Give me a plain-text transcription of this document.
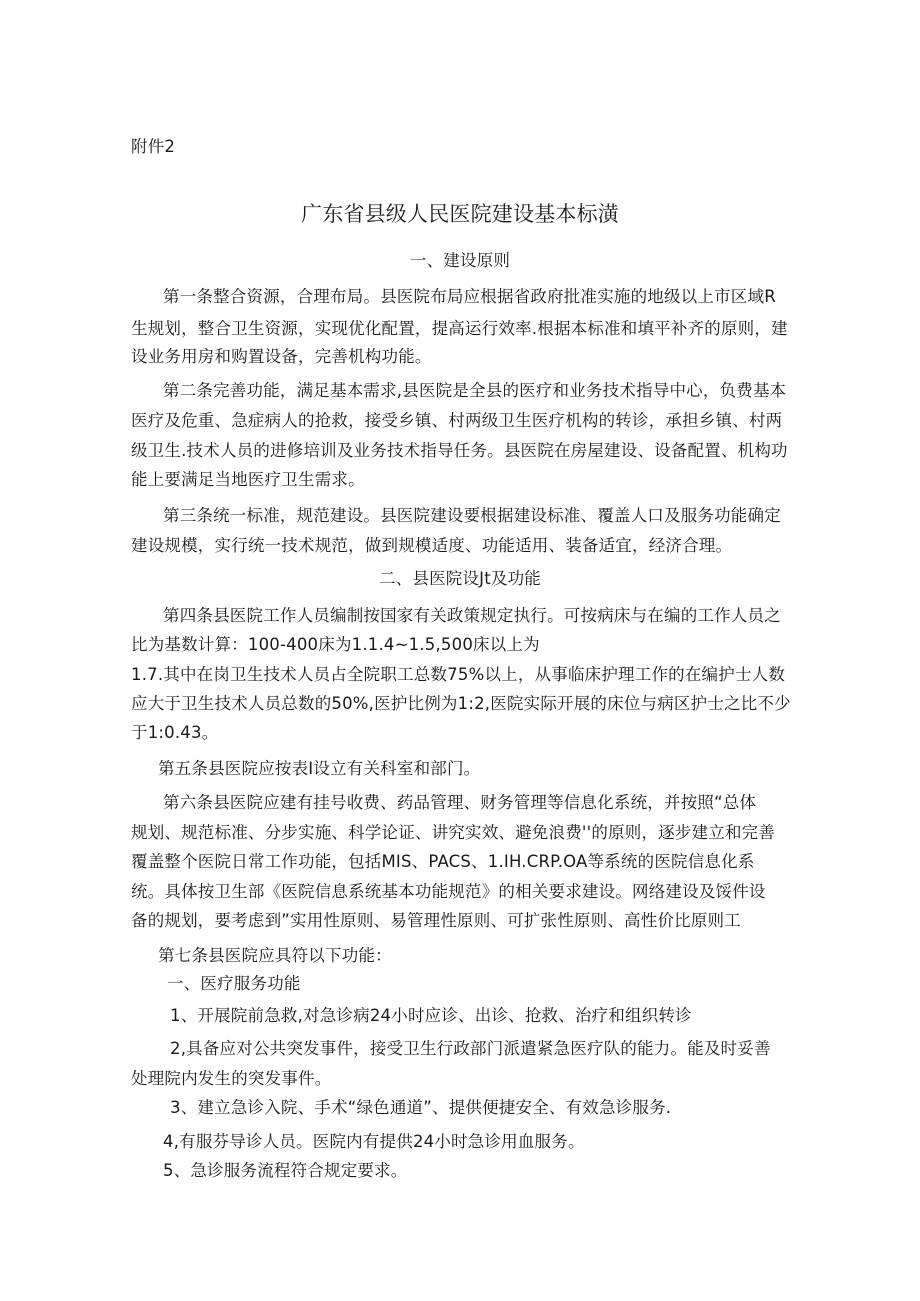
附件2
广东省县级人民医院建设基本标潢
一、建设原则
第一条整合资源，合理布局。县医院布局应根据省政府批准实施的地级以上市区域R
生规划，整合卫生资源，实现优化配置，提高运行效率.根据本标准和填平补齐的原则，建
设业务用房和购置设备，完善机构功能。
第二条完善功能，满足基本需求,县医院是全县的医疗和业务技术指导中心，负费基本
医疗及危重、急症病人的抢救，接受乡镇、村两级卫生医疗机构的转诊，承担乡镇、村两
级卫生.技术人员的进修培训及业务技术指导任务。县医院在房屋建设、设备配置、机构功
能上要满足当地医疗卫生需求。
第三条统一标准，规范建设。县医院建设要根据建设标准、覆盖人口及服务功能确定
建设规模，实行统一技术规范，做到规模适度、功能适用、装备适宜，经济合理。
二、县医院设Jt及功能
第四条县医院工作人员编制按国家有关政策规定执行。可按病床与在编的工作人员之
比为基数计算：100-400床为1.1.4~1.5,500床以上为
1.7.其中在岗卫生技术人员占全院职工总数75%以上，从事临床护理工作的在编护士人数
应大于卫生技术人员总数的50%,医护比例为1:2,医院实际开展的床位与病区护士之比不少
于1:0.43。
第五条县医院应按表I设立有关科室和部门。
第六条县医院应建有挂号收费、药品管理、财务管理等信息化系统，并按照“总体
规划、规范标准、分步实施、科学论证、讲究实效、避免浪费''的原则，逐步建立和完善
覆盖整个医院日常工作功能，包括MIS、PACS、1.IH.CRP.OA等系统的医院信息化系
统。具体按卫生部《医院信息系统基本功能规范》的相关要求建设。网络建设及馁件设
备的规划，要考虑到”实用性原则、易管理性原则、可扩张性原则、高性价比原则工
第七条县医院应具符以下功能：
一、医疗服务功能
1、开展院前急救,对急诊病24小时应诊、出诊、抢救、治疗和组织转诊
2,具备应对公共突发事件，接受卫生行政部门派遣紧急医疗队的能力。能及时妥善
处理院内发生的突发事件。
3、建立急诊入院、手术“绿色通道”、提供便捷安全、有效急诊服务.
4,有服芬导诊人员。医院内有提供24小时急诊用血服务。
5、急诊服务流程符合规定要求。
